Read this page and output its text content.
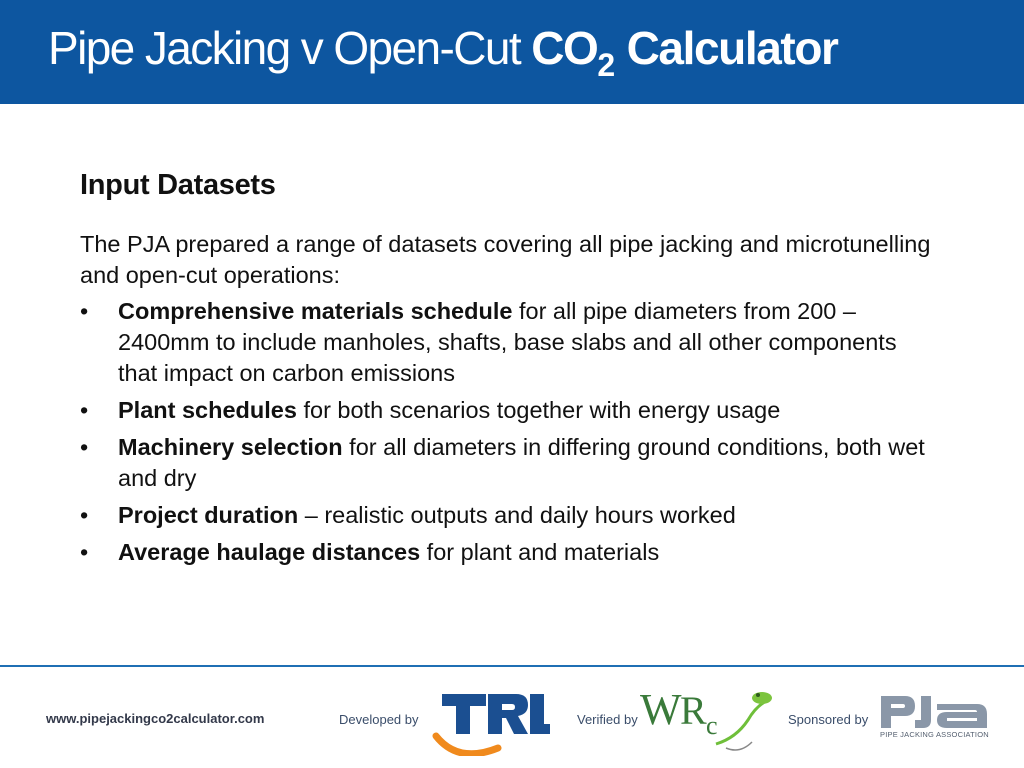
Pipe Jacking v Open-Cut $CO_2$ Calculator
Input Datasets

The PJA prepared a range of datasets covering all pipe jacking and microtunelling and open-cut operations:

•	Comprehensive materials schedule for all pipe diameters from 200 – 2400mm to include manholes, shafts, base slabs and all other components that impact on carbon emissions
•	Plant schedules for both scenarios together with energy usage
•	Machinery selection for all diameters in differing ground conditions, both wet and dry
•	Project duration – realistic outputs and daily hours worked
•	Average haulage distances for plant and materials
www.pipejackingco2calculator.com	Developed by	Verified by W
R c	Sponsored by
PIPE JACKING ASSOCIATION
